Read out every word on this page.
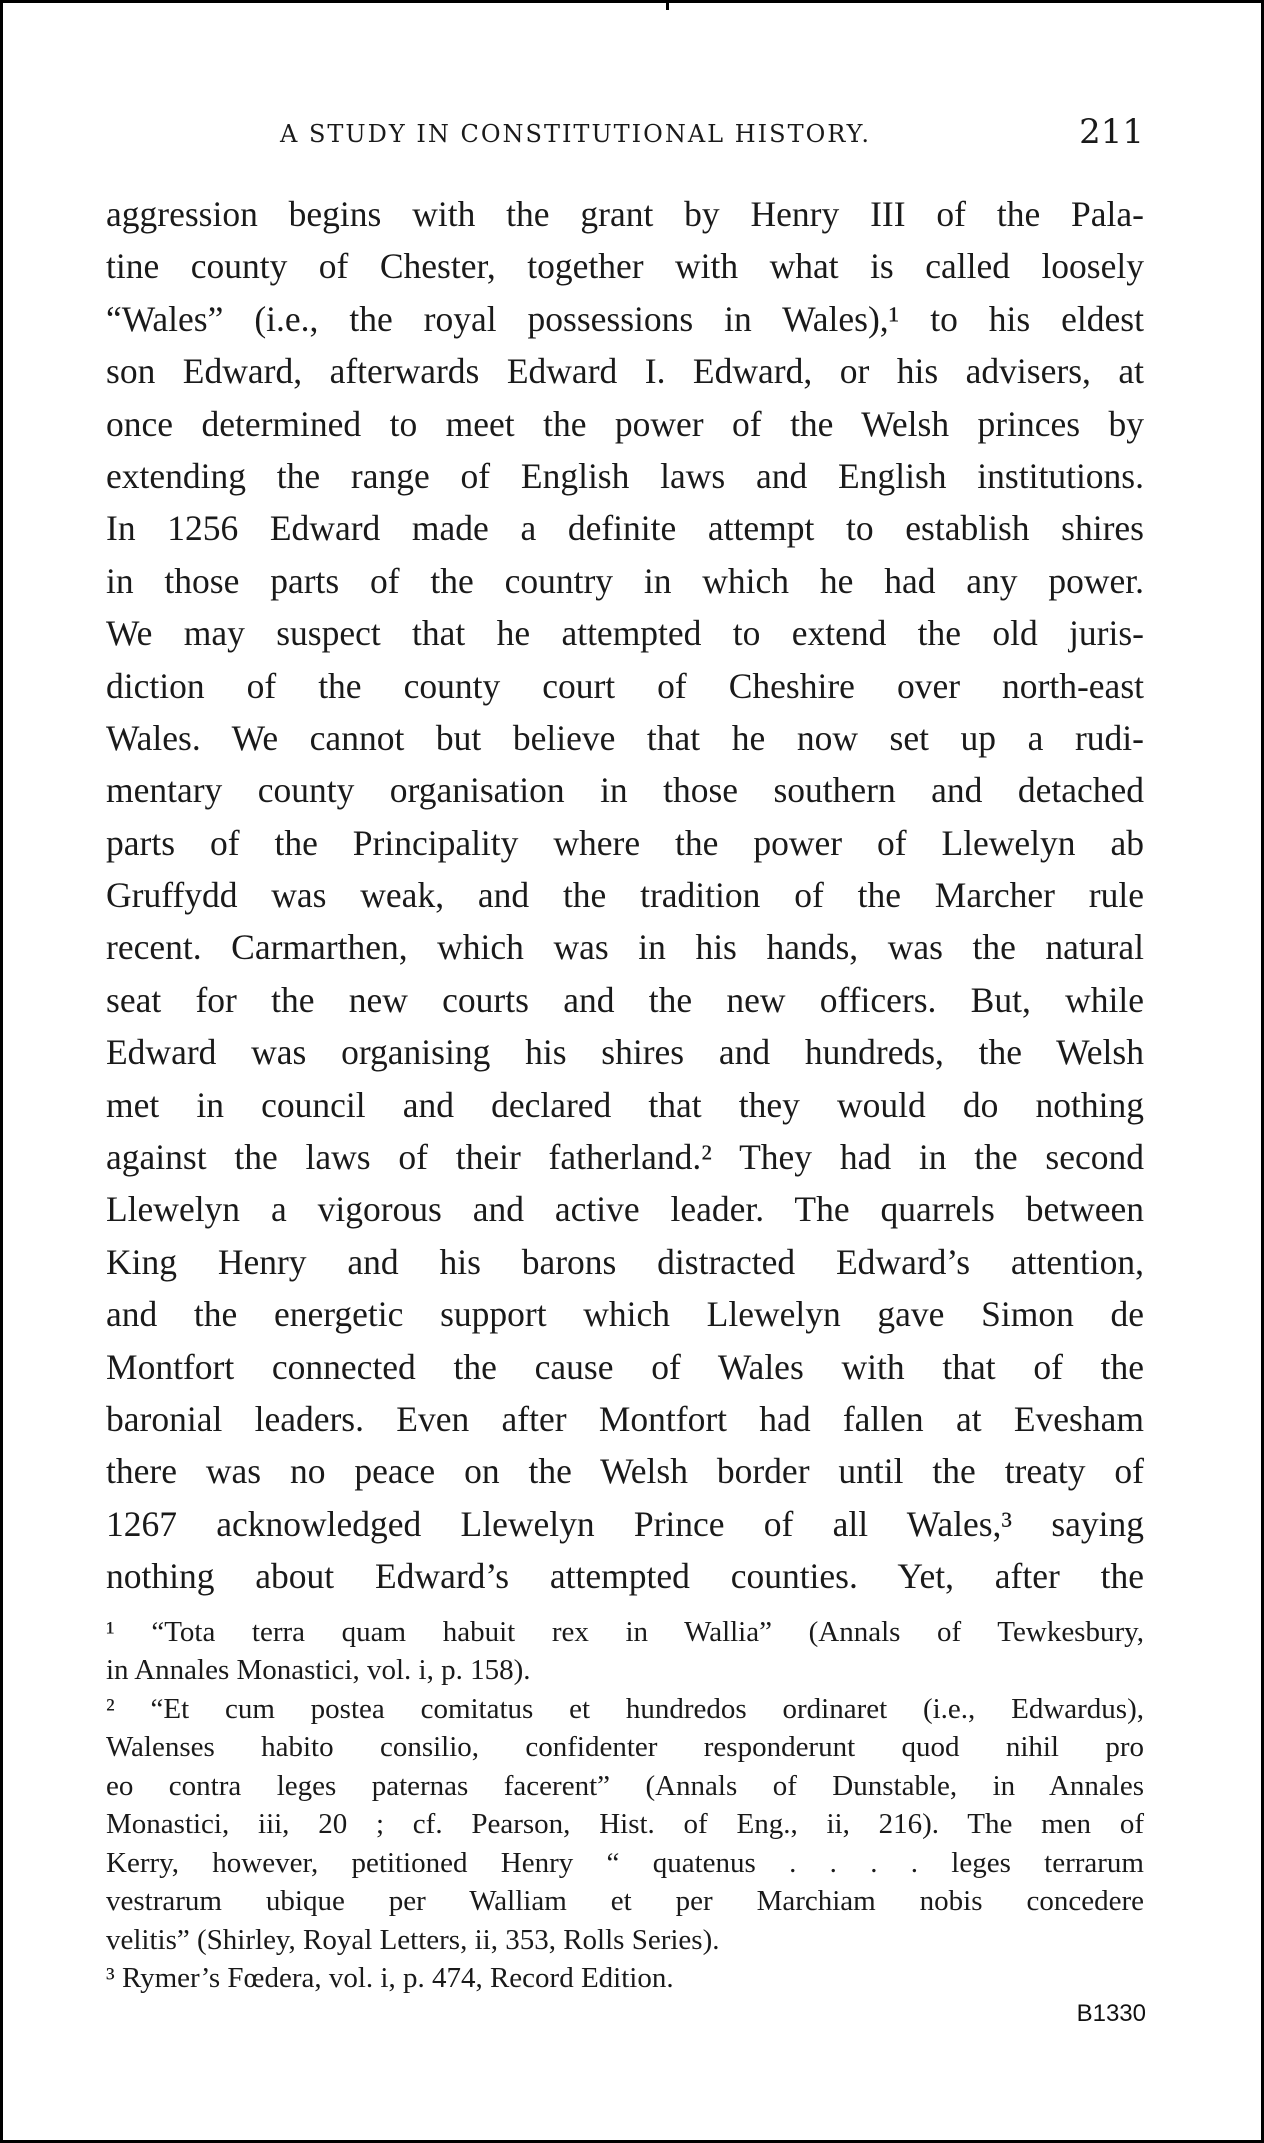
A STUDY IN CONSTITUTIONAL HISTORY.	211
aggression begins with the grant by Henry III of the Pala-
tine county of Chester, together with what is called loosely
“Wales” (i.e., the royal possessions in Wales),¹ to his eldest
son Edward, afterwards Edward I. Edward, or his advisers, at
once determined to meet the power of the Welsh princes by
extending the range of English laws and English institutions.
In 1256 Edward made a definite attempt to establish shires
in those parts of the country in which he had any power.
We may suspect that he attempted to extend the old juris-
diction of the county court of Cheshire over north-east
Wales. We cannot but believe that he now set up a rudi-
mentary county organisation in those southern and detached
parts of the Principality where the power of Llewelyn ab
Gruffydd was weak, and the tradition of the Marcher rule
recent. Carmarthen, which was in his hands, was the natural
seat for the new courts and the new officers. But, while
Edward was organising his shires and hundreds, the Welsh
met in council and declared that they would do nothing
against the laws of their fatherland.² They had in the second
Llewelyn a vigorous and active leader. The quarrels between
King Henry and his barons distracted Edward’s attention,
and the energetic support which Llewelyn gave Simon de
Montfort connected the cause of Wales with that of the
baronial leaders. Even after Montfort had fallen at Evesham
there was no peace on the Welsh border until the treaty of
1267 acknowledged Llewelyn Prince of all Wales,³ saying
nothing about Edward’s attempted counties. Yet, after the
¹ “Tota terra quam habuit rex in Wallia” (Annals of Tewkesbury,
in Annales Monastici, vol. i, p. 158).
² “Et cum postea comitatus et hundredos ordinaret (i.e., Edwardus),
Walenses habito consilio, confidenter responderunt quod nihil pro
eo contra leges paternas facerent” (Annals of Dunstable, in Annales
Monastici, iii, 20 ; cf. Pearson, Hist. of Eng., ii, 216). The men of
Kerry, however, petitioned Henry “ quatenus . . . . leges terrarum
vestrarum ubique per Walliam et per Marchiam nobis concedere
velitis” (Shirley, Royal Letters, ii, 353, Rolls Series).
³ Rymer’s Fœdera, vol. i, p. 474, Record Edition.
B1330
